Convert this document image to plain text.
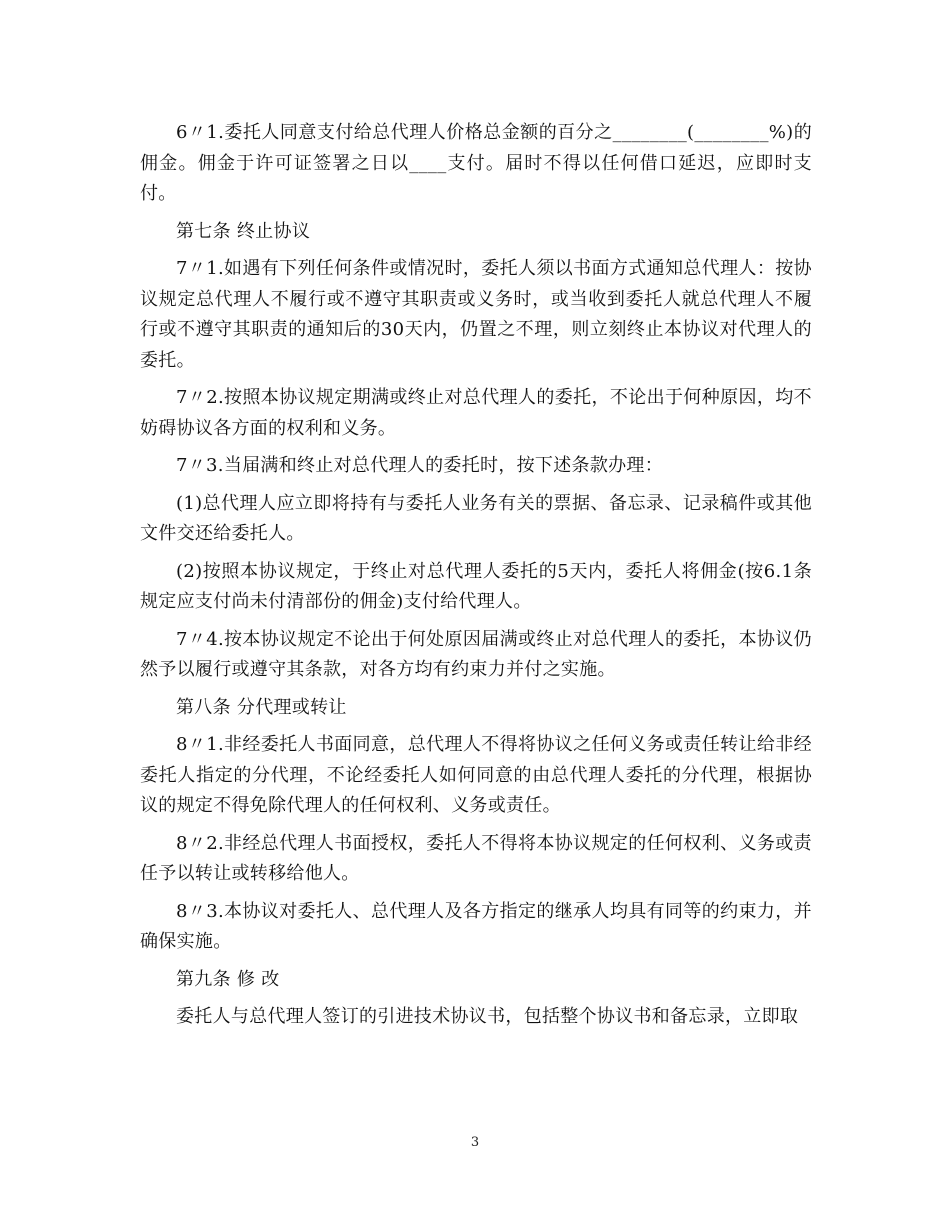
6〃1.委托人同意支付给总代理人价格总金额的百分之________(________%)的佣金。佣金于许可证签署之日以____支付。届时不得以任何借口延迟，应即时支付。

第七条 终止协议

7〃1.如遇有下列任何条件或情况时，委托人须以书面方式通知总代理人：按协议规定总代理人不履行或不遵守其职责或义务时，或当收到委托人就总代理人不履行或不遵守其职责的通知后的30天内，仍置之不理，则立刻终止本协议对代理人的委托。

7〃2.按照本协议规定期满或终止对总代理人的委托，不论出于何种原因，均不妨碍协议各方面的权利和义务。

7〃3.当届满和终止对总代理人的委托时，按下述条款办理：

(1)总代理人应立即将持有与委托人业务有关的票据、备忘录、记录稿件或其他文件交还给委托人。

(2)按照本协议规定，于终止对总代理人委托的5天内，委托人将佣金(按6.1条规定应支付尚未付清部份的佣金)支付给代理人。

7〃4.按本协议规定不论出于何处原因届满或终止对总代理人的委托，本协议仍然予以履行或遵守其条款，对各方均有约束力并付之实施。

第八条 分代理或转让

8〃1.非经委托人书面同意，总代理人不得将协议之任何义务或责任转让给非经委托人指定的分代理，不论经委托人如何同意的由总代理人委托的分代理，根据协议的规定不得免除代理人的任何权利、义务或责任。

8〃2.非经总代理人书面授权，委托人不得将本协议规定的任何权利、义务或责任予以转让或转移给他人。

8〃3.本协议对委托人、总代理人及各方指定的继承人均具有同等的约束力，并确保实施。

第九条 修 改

委托人与总代理人签订的引进技术协议书，包括整个协议书和备忘录，立即取

3
